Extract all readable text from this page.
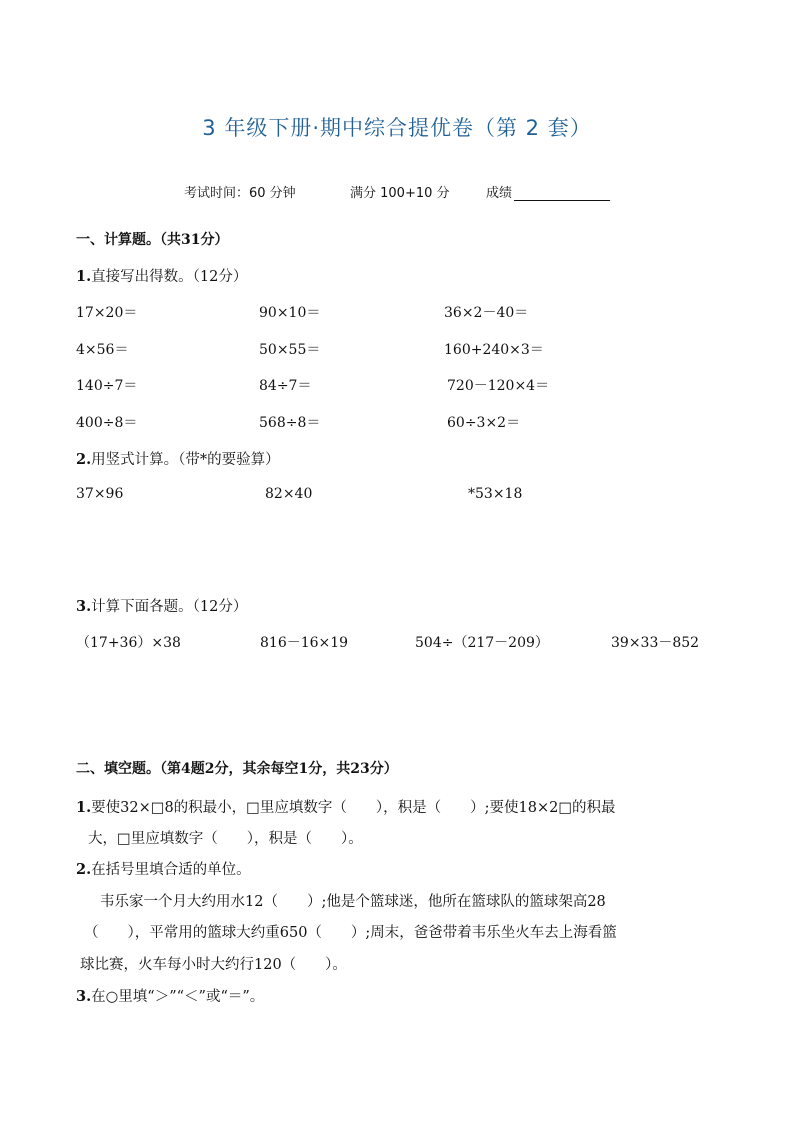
3 年级下册·期中综合提优卷（第 2 套）
考试时间：60 分钟	满分 100+10 分	成绩
一、计算题。（共31分）
1.直接写出得数。（12分）
17×20＝	90×10＝	36×2－40＝
4×56＝	50×55＝	160+240×3＝
140÷7＝	84÷7＝	720－120×4＝
400÷8＝	568÷8＝	60÷3×2＝
2.用竖式计算。（带*的要验算）
37×96	82×40	*53×18
3.计算下面各题。（12分）
（17+36）×38	816－16×19	504÷（217－209）	39×33－852
二、填空题。（第4题2分，其余每空1分，共23分）
1.要使32×□8的积最小，□里应填数字（　　），积是（　　）;要使18×2□的积最
大，□里应填数字（　　），积是（　　）。
2.在括号里填合适的单位。
韦乐家一个月大约用水12（　　）;他是个篮球迷，他所在篮球队的篮球架高28
（　　），平常用的篮球大约重650（　　）;周末，爸爸带着韦乐坐火车去上海看篮
球比赛，火车每小时大约行120（　　）。
3.在○里填“＞”“＜”或“＝”。
